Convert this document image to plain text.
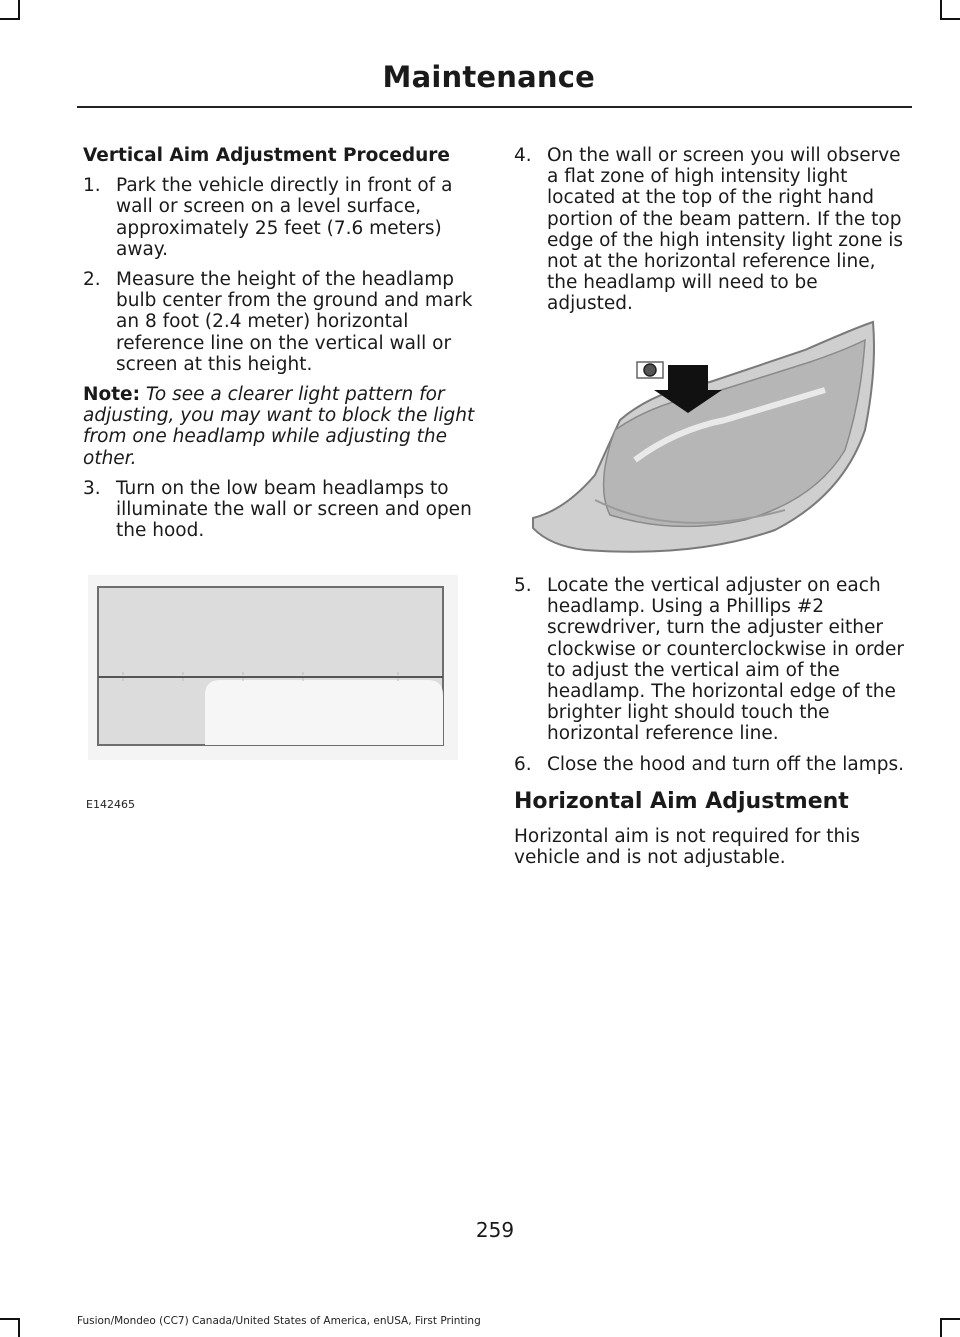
Maintenance
Vertical Aim Adjustment Procedure
1. Park the vehicle directly in front of a wall or screen on a level surface, approximately 25 feet (7.6 meters) away.
2. Measure the height of the headlamp bulb center from the ground and mark an 8 foot (2.4 meter) horizontal reference line on the vertical wall or screen at this height.
Note: To see a clearer light pattern for adjusting, you may want to block the light from one headlamp while adjusting the other.
3. Turn on the low beam headlamps to illuminate the wall or screen and open the hood.
E142465
4. On the wall or screen you will observe a flat zone of high intensity light located at the top of the right hand portion of the beam pattern. If the top edge of the high intensity light zone is not at the horizontal reference line, the headlamp will need to be adjusted.
5. Locate the vertical adjuster on each headlamp. Using a Phillips #2 screwdriver, turn the adjuster either clockwise or counterclockwise in order to adjust the vertical aim of the headlamp. The horizontal edge of the brighter light should touch the horizontal reference line.
6. Close the hood and turn off the lamps.
Horizontal Aim Adjustment
Horizontal aim is not required for this vehicle and is not adjustable.
259
Fusion/Mondeo (CC7) Canada/United States of America, enUSA, First Printing
